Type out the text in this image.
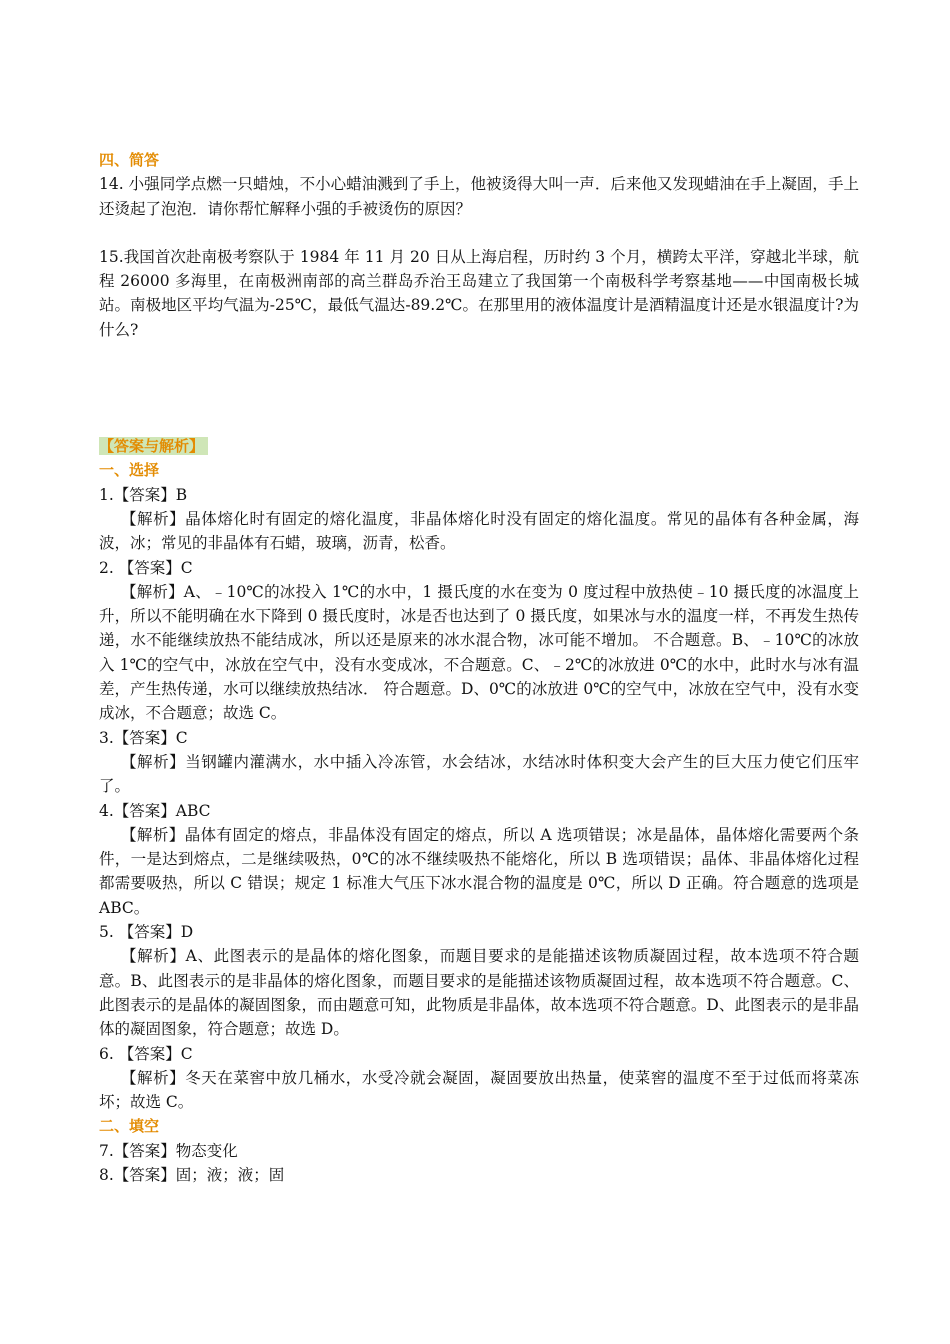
四、简答
14. 小强同学点燃一只蜡烛，不小心蜡油溅到了手上，他被烫得大叫一声．后来他又发现蜡油在手上凝固，手上还烫起了泡泡．请你帮忙解释小强的手被烫伤的原因？
15.我国首次赴南极考察队于 1984 年 11 月 20 日从上海启程，历时约 3 个月，横跨太平洋，穿越北半球，航程 26000 多海里，在南极洲南部的高兰群岛乔治王岛建立了我国第一个南极科学考察基地——中国南极长城站。南极地区平均气温为-25℃，最低气温达-89.2℃。在那里用的液体温度计是酒精温度计还是水银温度计?为什么?
【答案与解析】
一、选择
1.【答案】B
【解析】晶体熔化时有固定的熔化温度，非晶体熔化时没有固定的熔化温度。常见的晶体有各种金属，海波，冰；常见的非晶体有石蜡，玻璃，沥青，松香。
2. 【答案】C
【解析】A、﹣10℃的冰投入 1℃的水中，1 摄氏度的水在变为 0 度过程中放热使﹣10 摄氏度的冰温度上升，所以不能明确在水下降到 0 摄氏度时，冰是否也达到了 0 摄氏度，如果冰与水的温度一样，不再发生热传递，水不能继续放热不能结成冰，所以还是原来的冰水混合物，冰可能不增加。 不合题意。B、﹣10℃的冰放入 1℃的空气中，冰放在空气中，没有水变成冰，不合题意。C、﹣2℃的冰放进 0℃的水中，此时水与冰有温差，产生热传递，水可以继续放热结冰． 符合题意。D、0℃的冰放进 0℃的空气中，冰放在空气中，没有水变成冰，不合题意；故选 C。
3.【答案】C
【解析】当钢罐内灌满水，水中插入冷冻管，水会结冰，水结冰时体积变大会产生的巨大压力使它们压牢了。
4.【答案】ABC
【解析】晶体有固定的熔点，非晶体没有固定的熔点，所以 A 选项错误；冰是晶体，晶体熔化需要两个条件，一是达到熔点，二是继续吸热，0℃的冰不继续吸热不能熔化，所以 B 选项错误；晶体、非晶体熔化过程都需要吸热，所以 C 错误；规定 1 标准大气压下冰水混合物的温度是 0℃，所以 D 正确。符合题意的选项是 ABC。
5. 【答案】D
【解析】A、此图表示的是晶体的熔化图象，而题目要求的是能描述该物质凝固过程，故本选项不符合题意。B、此图表示的是非晶体的熔化图象，而题目要求的是能描述该物质凝固过程，故本选项不符合题意。C、此图表示的是晶体的凝固图象，而由题意可知，此物质是非晶体，故本选项不符合题意。D、此图表示的是非晶体的凝固图象，符合题意；故选 D。
6. 【答案】C
【解析】冬天在菜窖中放几桶水，水受冷就会凝固，凝固要放出热量，使菜窖的温度不至于过低而将菜冻坏；故选 C。
二、填空
7.【答案】物态变化
8.【答案】固；液；液；固
